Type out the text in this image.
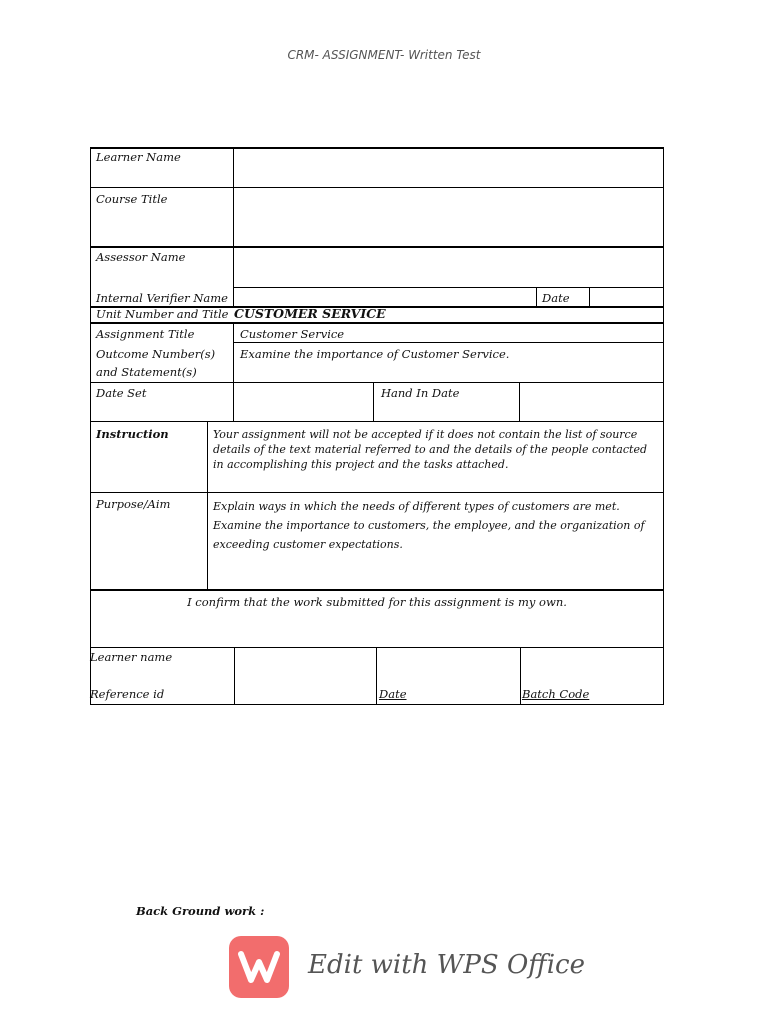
CRM- ASSIGNMENT- Written Test
Learner Name
Course Title
Assessor Name
Internal Verifier Name	Date
Unit Number and Title CUSTOMER SERVICE
Assignment Title	Customer Service
Outcome Number(s)
and Statement(s)
Examine the importance of Customer Service.
Date Set	Hand In Date
Instruction	Your assignment will not be accepted if it does not contain the list of source details of the text material referred to and the details of the people contacted in accomplishing this project and the tasks attached.
Purpose/Aim	Explain ways in which the needs of different types of customers are met.
Examine the importance to customers, the employee, and the organization of exceeding customer expectations.
I confirm that the work submitted for this assignment is my own.
Learner name
Reference id	Date	Batch Code
Back Ground work :
Edit with WPS Office
